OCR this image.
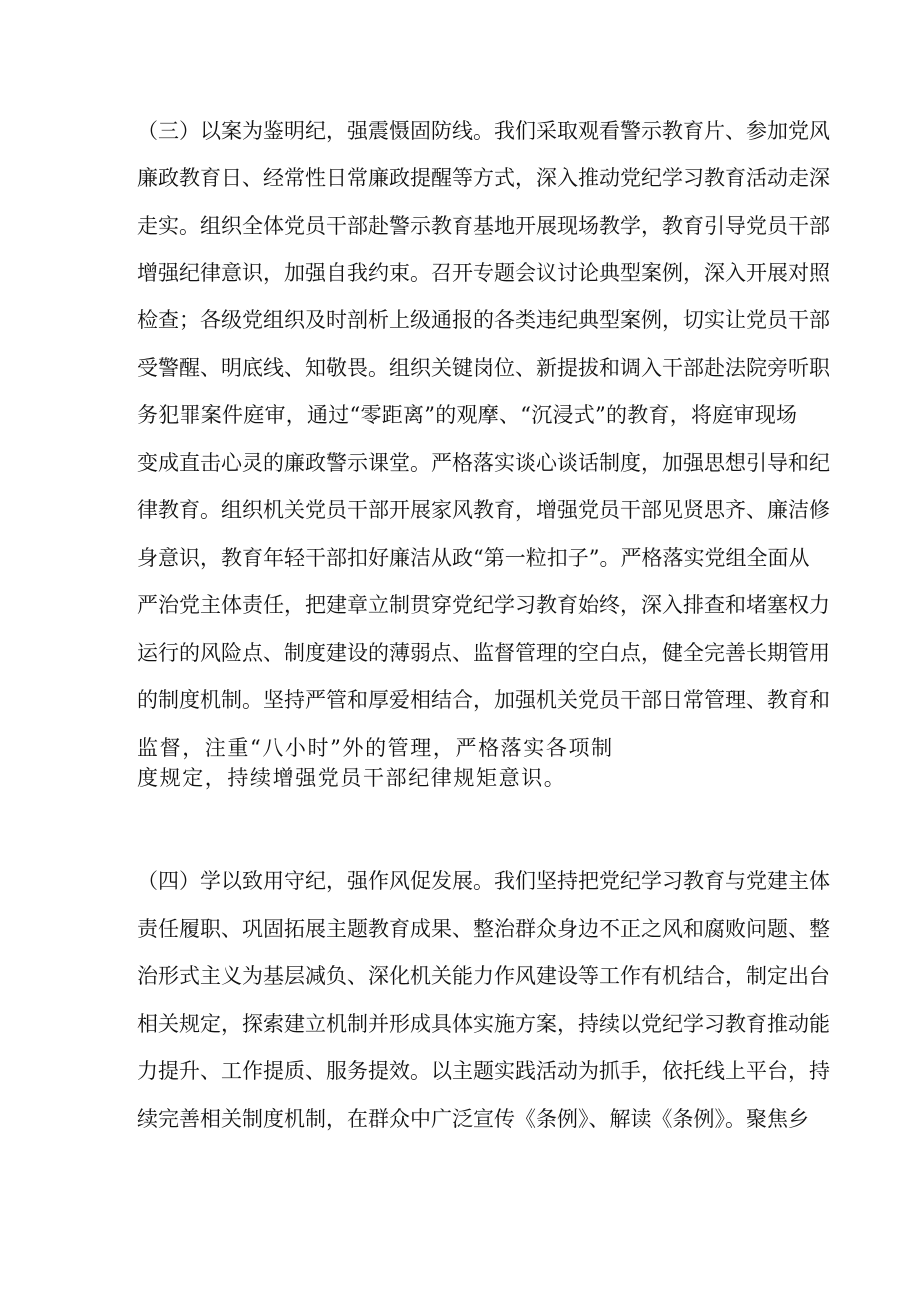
（三）以案为鉴明纪，强震慑固防线。我们采取观看警示教育片、参加党风
廉政教育日、经常性日常廉政提醒等方式，深入推动党纪学习教育活动走深
走实。组织全体党员干部赴警示教育基地开展现场教学，教育引导党员干部
增强纪律意识，加强自我约束。召开专题会议讨论典型案例，深入开展对照
检查；各级党组织及时剖析上级通报的各类违纪典型案例，切实让党员干部
受警醒、明底线、知敬畏。组织关键岗位、新提拔和调入干部赴法院旁听职
务犯罪案件庭审，通过“零距离”的观摩、“沉浸式”的教育，将庭审现场
变成直击心灵的廉政警示课堂。严格落实谈心谈话制度，加强思想引导和纪
律教育。组织机关党员干部开展家风教育，增强党员干部见贤思齐、廉洁修
身意识，教育年轻干部扣好廉洁从政“第一粒扣子”。严格落实党组全面从
严治党主体责任，把建章立制贯穿党纪学习教育始终，深入排查和堵塞权力
运行的风险点、制度建设的薄弱点、监督管理的空白点，健全完善长期管用
的制度机制。坚持严管和厚爱相结合，加强机关党员干部日常管理、教育和
监督，注重“八小时”外的管理，严格落实各项制
度规定，持续增强党员干部纪律规矩意识。
（四）学以致用守纪，强作风促发展。我们坚持把党纪学习教育与党建主体
责任履职、巩固拓展主题教育成果、整治群众身边不正之风和腐败问题、整
治形式主义为基层减负、深化机关能力作风建设等工作有机结合，制定出台
相关规定，探索建立机制并形成具体实施方案，持续以党纪学习教育推动能
力提升、工作提质、服务提效。以主题实践活动为抓手，依托线上平台，持
续完善相关制度机制，在群众中广泛宣传《条例》、解读《条例》。聚焦乡
